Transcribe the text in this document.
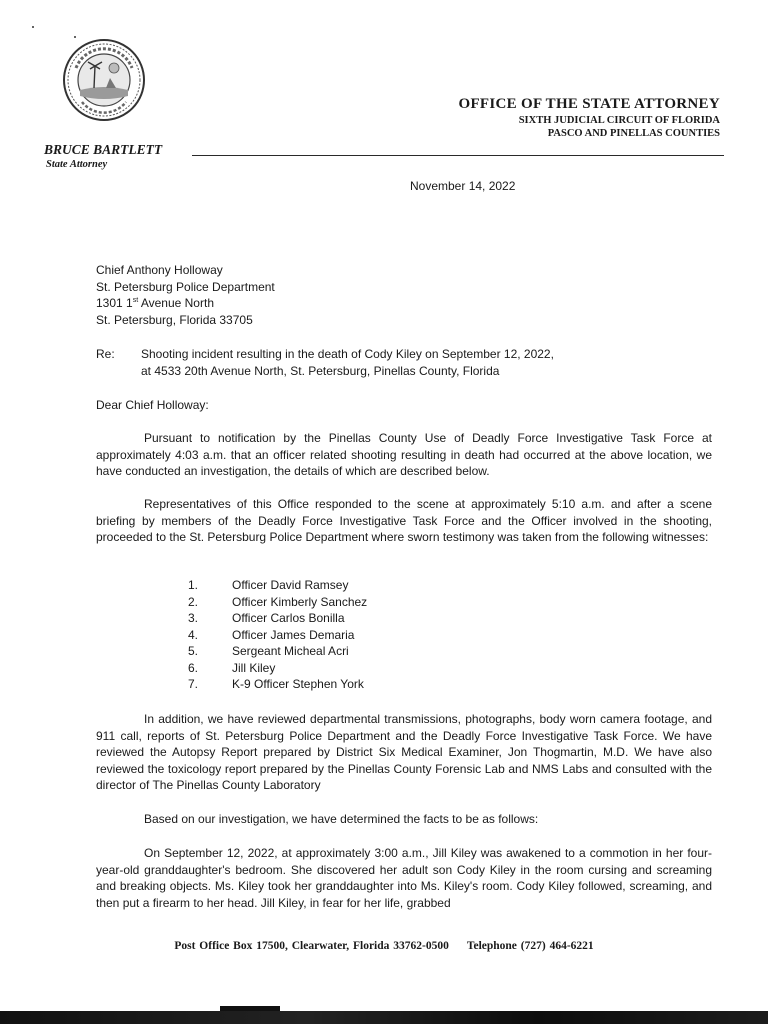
OFFICE OF THE STATE ATTORNEY
SIXTH JUDICIAL CIRCUIT OF FLORIDA
PASCO AND PINELLAS COUNTIES
BRUCE BARTLETT
State Attorney
November 14, 2022
Chief Anthony Holloway
St. Petersburg Police Department
1301 1st Avenue North
St. Petersburg, Florida 33705
Re: Shooting incident resulting in the death of Cody Kiley on September 12, 2022,
at 4533 20th Avenue North, St. Petersburg, Pinellas County, Florida
Dear Chief Holloway:
Pursuant to notification by the Pinellas County Use of Deadly Force Investigative Task Force at approximately 4:03 a.m. that an officer related shooting resulting in death had occurred at the above location, we have conducted an investigation, the details of which are described below.
Representatives of this Office responded to the scene at approximately 5:10 a.m. and after a scene briefing by members of the Deadly Force Investigative Task Force and the Officer involved in the shooting, proceeded to the St. Petersburg Police Department where sworn testimony was taken from the following witnesses:
1.	Officer David Ramsey
2.	Officer Kimberly Sanchez
3.	Officer Carlos Bonilla
4.	Officer James Demaria
5.	Sergeant Micheal Acri
6.	Jill Kiley
7.	K-9 Officer Stephen York
In addition, we have reviewed departmental transmissions, photographs, body worn camera footage, and 911 call, reports of St. Petersburg Police Department and the Deadly Force Investigative Task Force. We have reviewed the Autopsy Report prepared by District Six Medical Examiner, Jon Thogmartin, M.D. We have also reviewed the toxicology report prepared by the Pinellas County Forensic Lab and NMS Labs and consulted with the director of The Pinellas County Laboratory
Based on our investigation, we have determined the facts to be as follows:
On September 12, 2022, at approximately 3:00 a.m., Jill Kiley was awakened to a commotion in her four-year-old granddaughter's bedroom. She discovered her adult son Cody Kiley in the room cursing and screaming and breaking objects. Ms. Kiley took her granddaughter into Ms. Kiley's room. Cody Kiley followed, screaming, and then put a firearm to her head. Jill Kiley, in fear for her life, grabbed
Post Office Box 17500, Clearwater, Florida 33762-0500 Telephone (727) 464-6221
